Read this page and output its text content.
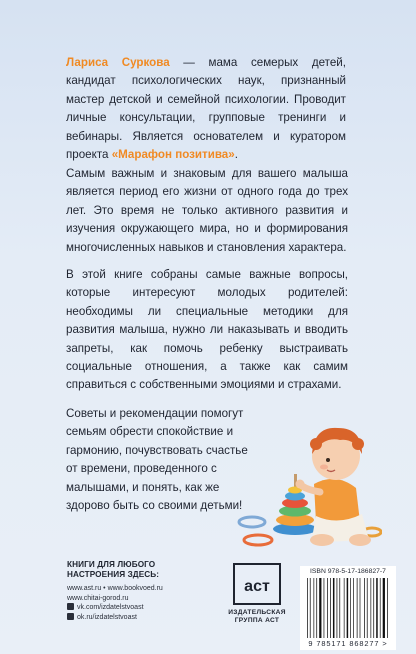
Лариса Суркова — мама семерых детей, кандидат психологических наук, признанный мастер детской и семейной психологии. Проводит личные консультации, групповые тренинги и вебинары. Является основателем и куратором проекта «Марафон позитива».

Самым важным и знаковым для вашего малыша является период его жизни от одного года до трех лет. Это время не только активного развития и изучения окружающего мира, но и формирования многочисленных навыков и становления характера.

В этой книге собраны самые важные вопросы, которые интересуют молодых родителей: необходимы ли специальные методики для развития малыша, нужно ли наказывать и вводить запреты, как помочь ребенку выстраивать социальные отношения, а также как самим справиться с собственными эмоциями и страхами.

Советы и рекомендации помогут семьям обрести спокойствие и гармонию, почувствовать счастье от времени, проведенного с малышами, и понять, как же здорово быть со своими детьми!

КНИГИ ДЛЯ ЛЮБОГО
НАСТРОЕНИЯ ЗДЕСЬ:
www.ast.ru • www.bookvoed.ru
www.chitai-gorod.ru
vk.com/izdatelstvoast
ok.ru/izdatelstvoast
аст
ИЗДАТЕЛЬСКАЯ
ГРУППА АСТ
ISBN 978-5-17-186827-7
9 785171 868277 >
